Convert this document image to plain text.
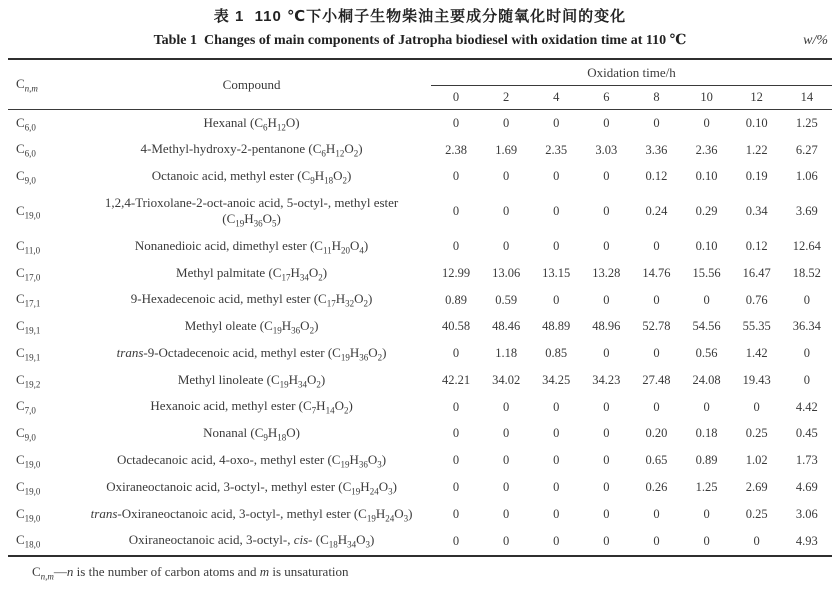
表 1  110 ℃下小桐子生物柴油主要成分随氧化时间的变化
Table 1  Changes of main components of Jatropha biodiesel with oxidation time at 110 ℃	w/%
$C_{n,m}$	Compound	Oxidation time/h							
		0	2	4	6	8	10	12	14
$C_{6,0}$	Hexanal $(C_6H_{12}O)$	0	0	0	0	0	0	0.10	1.25
$C_{6,0}$	4-Methyl-hydroxy-2-pentanone $(C_6H_{12}O_2)$	2.38	1.69	2.35	3.03	3.36	2.36	1.22	6.27
$C_{9,0}$	Octanoic acid, methyl ester $(C_9H_{18}O_2)$	0	0	0	0	0.12	0.10	0.19	1.06
$C_{19,0}$	1,2,4-Trioxolane-2-oct-anoic acid, 5-octyl-, methyl ester
$(C_{19}H_{36}O_5)$	0	0	0	0	0.24	0.29	0.34	3.69
$C_{11,0}$	Nonanedioic acid, dimethyl ester $(C_{11}H_{20}O_4)$	0	0	0	0	0	0.10	0.12	12.64
$C_{17,0}$	Methyl palmitate $(C_{17}H_{34}O_2)$	12.99	13.06	13.15	13.28	14.76	15.56	16.47	18.52
$C_{17,1}$	9-Hexadecenoic acid, methyl ester $(C_{17}H_{32}O_2)$	0.89	0.59	0	0	0	0	0.76	0
$C_{19,1}$	Methyl oleate $(C_{19}H_{36}O_2)$	40.58	48.46	48.89	48.96	52.78	54.56	55.35	36.34
$C_{19,1}$	trans-9-Octadecenoic acid, methyl ester $(C_{19}H_{36}O_2)$	0	1.18	0.85	0	0	0.56	1.42	0
$C_{19,2}$	Methyl linoleate $(C_{19}H_{34}O_2)$	42.21	34.02	34.25	34.23	27.48	24.08	19.43	0
$C_{7,0}$	Hexanoic acid, methyl ester $(C_7H_{14}O_2)$	0	0	0	0	0	0	0	4.42
$C_{9,0}$	Nonanal $(C_9H_{18}O)$	0	0	0	0	0.20	0.18	0.25	0.45
$C_{19,0}$	Octadecanoic acid, 4-oxo-, methyl ester $(C_{19}H_{36}O_3)$	0	0	0	0	0.65	0.89	1.02	1.73
$C_{19,0}$	Oxiraneoctanoic acid, 3-octyl-, methyl ester $(C_{19}H_{24}O_3)$	0	0	0	0	0.26	1.25	2.69	4.69
$C_{19,0}$	trans-Oxiraneoctanoic acid, 3-octyl-, methyl ester $(C_{19}H_{24}O_3)$	0	0	0	0	0	0	0.25	3.06
$C_{18,0}$	Oxiraneoctanoic acid, 3-octyl-, cis- $(C_{18}H_{34}O_3)$	0	0	0	0	0	0	0	4.93
$C_{n,m}—n$ is the number of carbon atoms and m is unsaturation
